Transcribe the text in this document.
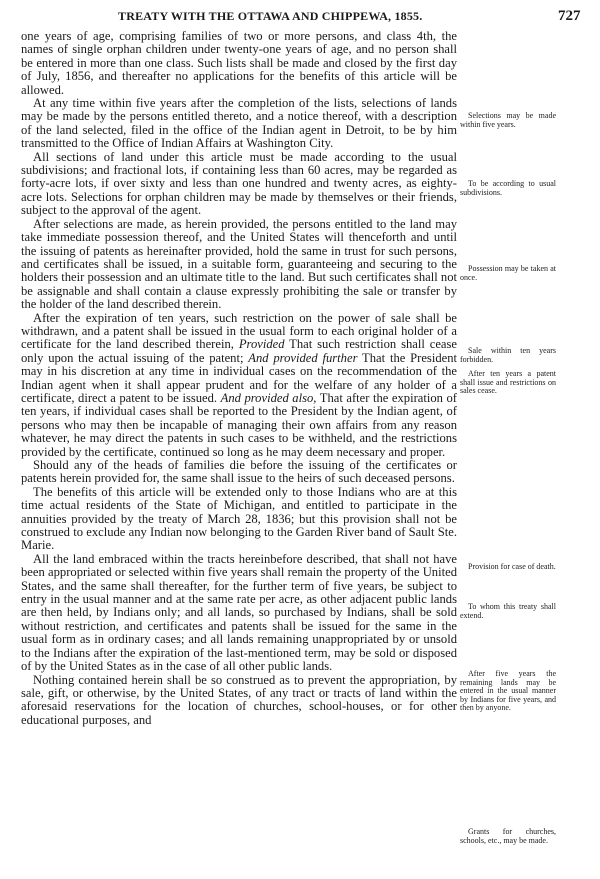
TREATY WITH THE OTTAWA AND CHIPPEWA, 1855.	727

one years of age, comprising families of two or more persons, and class 4th, the names of single orphan children under twenty-one years of age, and no person shall be entered in more than one class. Such lists shall be made and closed by the first day of July, 1856, and thereafter no applications for the benefits of this article will be allowed.

At any time within five years after the completion of the lists, selections of lands may be made by the persons entitled thereto, and a notice thereof, with a description of the land selected, filed in the office of the Indian agent in Detroit, to be by him transmitted to the Office of Indian Affairs at Washington City.

All sections of land under this article must be made according to the usual subdivisions; and fractional lots, if containing less than 60 acres, may be regarded as forty-acre lots, if over sixty and less than one hundred and twenty acres, as eighty-acre lots. Selections for orphan children may be made by themselves or their friends, subject to the approval of the agent.

After selections are made, as herein provided, the persons entitled to the land may take immediate possession thereof, and the United States will thenceforth and until the issuing of patents as hereinafter provided, hold the same in trust for such persons, and certificates shall be issued, in a suitable form, guaranteeing and securing to the holders their possession and an ultimate title to the land. But such certificates shall not be assignable and shall contain a clause expressly prohibiting the sale or transfer by the holder of the land described therein.

After the expiration of ten years, such restriction on the power of sale shall be withdrawn, and a patent shall be issued in the usual form to each original holder of a certificate for the land described therein, Provided That such restriction shall cease only upon the actual issuing of the patent; And provided further That the President may in his discretion at any time in individual cases on the recommendation of the Indian agent when it shall appear prudent and for the welfare of any holder of a certificate, direct a patent to be issued. And provided also, That after the expiration of ten years, if individual cases shall be reported to the President by the Indian agent, of persons who may then be incapable of managing their own affairs from any reason whatever, he may direct the patents in such cases to be withheld, and the restrictions provided by the certificate, continued so long as he may deem necessary and proper.

Should any of the heads of families die before the issuing of the certificates or patents herein provided for, the same shall issue to the heirs of such deceased persons.

The benefits of this article will be extended only to those Indians who are at this time actual residents of the State of Michigan, and entitled to participate in the annuities provided by the treaty of March 28, 1836; but this provision shall not be construed to exclude any Indian now belonging to the Garden River band of Sault Ste. Marie.

All the land embraced within the tracts hereinbefore described, that shall not have been appropriated or selected within five years shall remain the property of the United States, and the same shall thereafter, for the further term of five years, be subject to entry in the usual manner and at the same rate per acre, as other adjacent public lands are then held, by Indians only; and all lands, so purchased by Indians, shall be sold without restriction, and certificates and patents shall be issued for the same in the usual form as in ordinary cases; and all lands remaining unappropriated by or unsold to the Indians after the expiration of the last-mentioned term, may be sold or disposed of by the United States as in the case of all other public lands.

Nothing contained herein shall be so construed as to prevent the appropriation, by sale, gift, or otherwise, by the United States, of any tract or tracts of land within the aforesaid reservations for the location of churches, school-houses, or for other educational purposes, and

Selections may be made within five years.
To be according to usual subdivisions.
Possession may be taken at once.
Sale within ten years forbidden.
After ten years a patent shall issue and restrictions on sales cease.
Provision for case of death.
To whom this treaty shall extend.
After five years the remaining lands may be entered in the usual manner by Indians for five years, and then by anyone.
Grants for churches, schools, etc., may be made.
